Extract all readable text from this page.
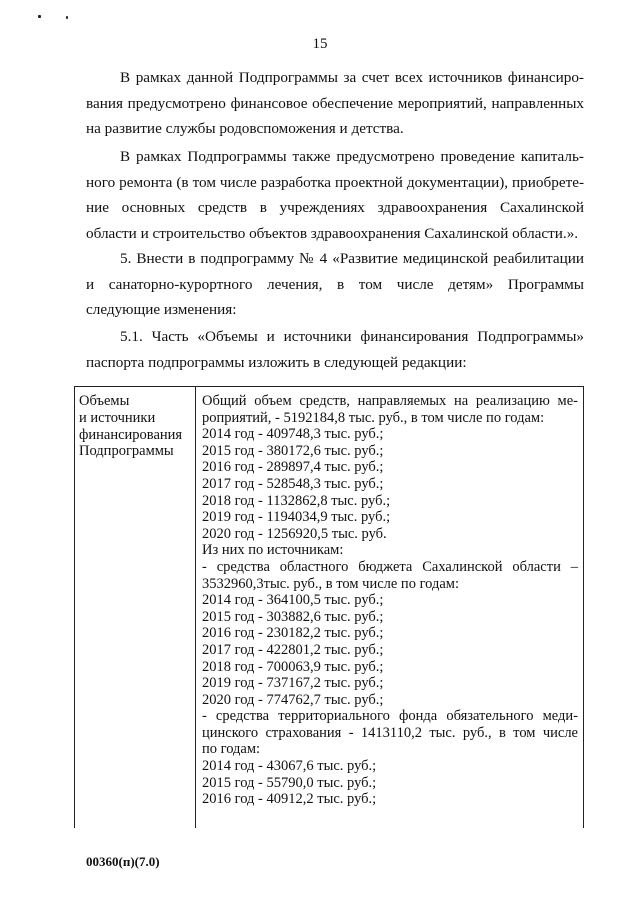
15

В рамках данной Подпрограммы за счет всех источников финансиро-вания предусмотрено финансовое обеспечение мероприятий, направленных на развитие службы родовспоможения и детства.

В рамках Подпрограммы также предусмотрено проведение капиталь-ного ремонта (в том числе разработка проектной документации), приобрете-ние основных средств в учреждениях здравоохранения Сахалинской области и строительство объектов здравоохранения Сахалинской области.».

5. Внести в подпрограмму № 4 «Развитие медицинской реабилитации и санаторно-курортного лечения, в том числе детям» Программы следующие изменения:

5.1. Часть «Объемы и источники финансирования Подпрограммы» паспорта подпрограммы изложить в следующей редакции:

Объемы
и источники
финансирования
Подпрограммы
Общий объем средств, направляемых на реализацию ме-
роприятий, - 5192184,8 тыс. руб., в том числе по годам:
2014 год - 409748,3 тыс. руб.;
2015 год - 380172,6 тыс. руб.;
2016 год - 289897,4 тыс. руб.;
2017 год - 528548,3 тыс. руб.;
2018 год - 1132862,8 тыс. руб.;
2019 год - 1194034,9 тыс. руб.;
2020 год - 1256920,5 тыс. руб.
Из них по источникам:
- средства областного бюджета Сахалинской области –
3532960,3тыс. руб., в том числе по годам:
2014 год - 364100,5 тыс. руб.;
2015 год - 303882,6 тыс. руб.;
2016 год - 230182,2 тыс. руб.;
2017 год - 422801,2 тыс. руб.;
2018 год - 700063,9 тыс. руб.;
2019 год - 737167,2 тыс. руб.;
2020 год - 774762,7 тыс. руб.;
- средства территориального фонда обязательного меди-
цинского страхования - 1413110,2 тыс. руб., в том числе
по годам:
2014 год - 43067,6 тыс. руб.;
2015 год - 55790,0 тыс. руб.;
2016 год - 40912,2 тыс. руб.;
00360(п)(7.0)
